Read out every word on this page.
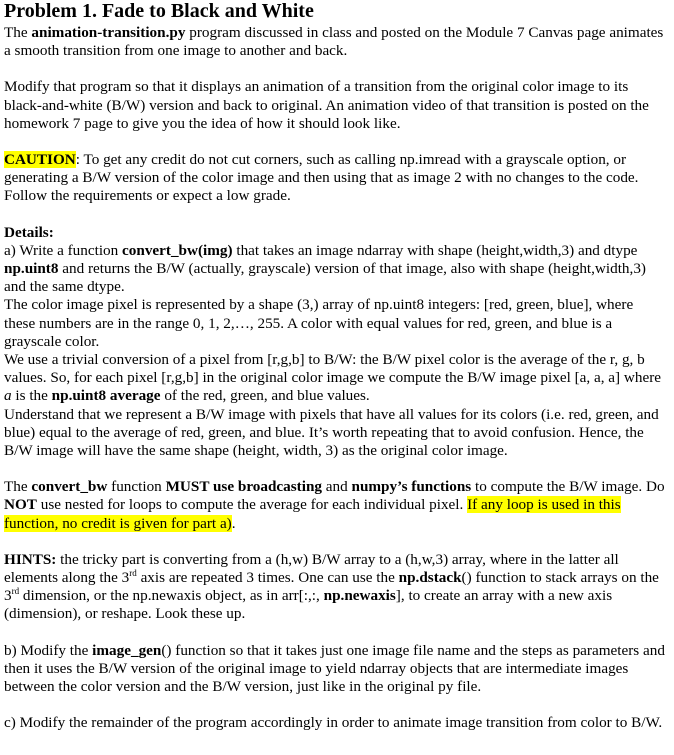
Problem 1. Fade to Black and White

The animation-transition.py program discussed in class and posted on the Module 7 Canvas page animates a smooth transition from one image to another and back.

Modify that program so that it displays an animation of a transition from the original color image to its black-and-white (B/W) version and back to original. An animation video of that transition is posted on the homework 7 page to give you the idea of how it should look like.

CAUTION: To get any credit do not cut corners, such as calling np.imread with a grayscale option, or generating a B/W version of the color image and then using that as image 2 with no changes to the code. Follow the requirements or expect a low grade.

Details:

a) Write a function convert_bw(img) that takes an image ndarray with shape (height,width,3) and dtype np.uint8 and returns the B/W (actually, grayscale) version of that image, also with shape (height,width,3) and the same dtype.

The color image pixel is represented by a shape (3,) array of np.uint8 integers: [red, green, blue], where these numbers are in the range 0, 1, 2,…, 255. A color with equal values for red, green, and blue is a grayscale color.

We use a trivial conversion of a pixel from [r,g,b] to B/W: the B/W pixel color is the average of the r, g, b values. So, for each pixel [r,g,b] in the original color image we compute the B/W image pixel [a, a, a] where a is the np.uint8 average of the red, green, and blue values.

Understand that we represent a B/W image with pixels that have all values for its colors (i.e. red, green, and blue) equal to the average of red, green, and blue. It’s worth repeating that to avoid confusion. Hence, the B/W image will have the same shape (height, width, 3) as the original color image.

The convert_bw function MUST use broadcasting and numpy’s functions to compute the B/W image. Do NOT use nested for loops to compute the average for each individual pixel. If any loop is used in this function, no credit is given for part a).

HINTS: the tricky part is converting from a (h,w) B/W array to a (h,w,3) array, where in the latter all elements along the 3rd axis are repeated 3 times. One can use the np.dstack() function to stack arrays on the 3rd dimension, or the np.newaxis object, as in arr[:,:, np.newaxis], to create an array with a new axis (dimension), or reshape. Look these up.

b) Modify the image_gen() function so that it takes just one image file name and the steps as parameters and then it uses the B/W version of the original image to yield ndarray objects that are intermediate images between the color version and the B/W version, just like in the original py file.

c) Modify the remainder of the program accordingly in order to animate image transition from color to B/W.
